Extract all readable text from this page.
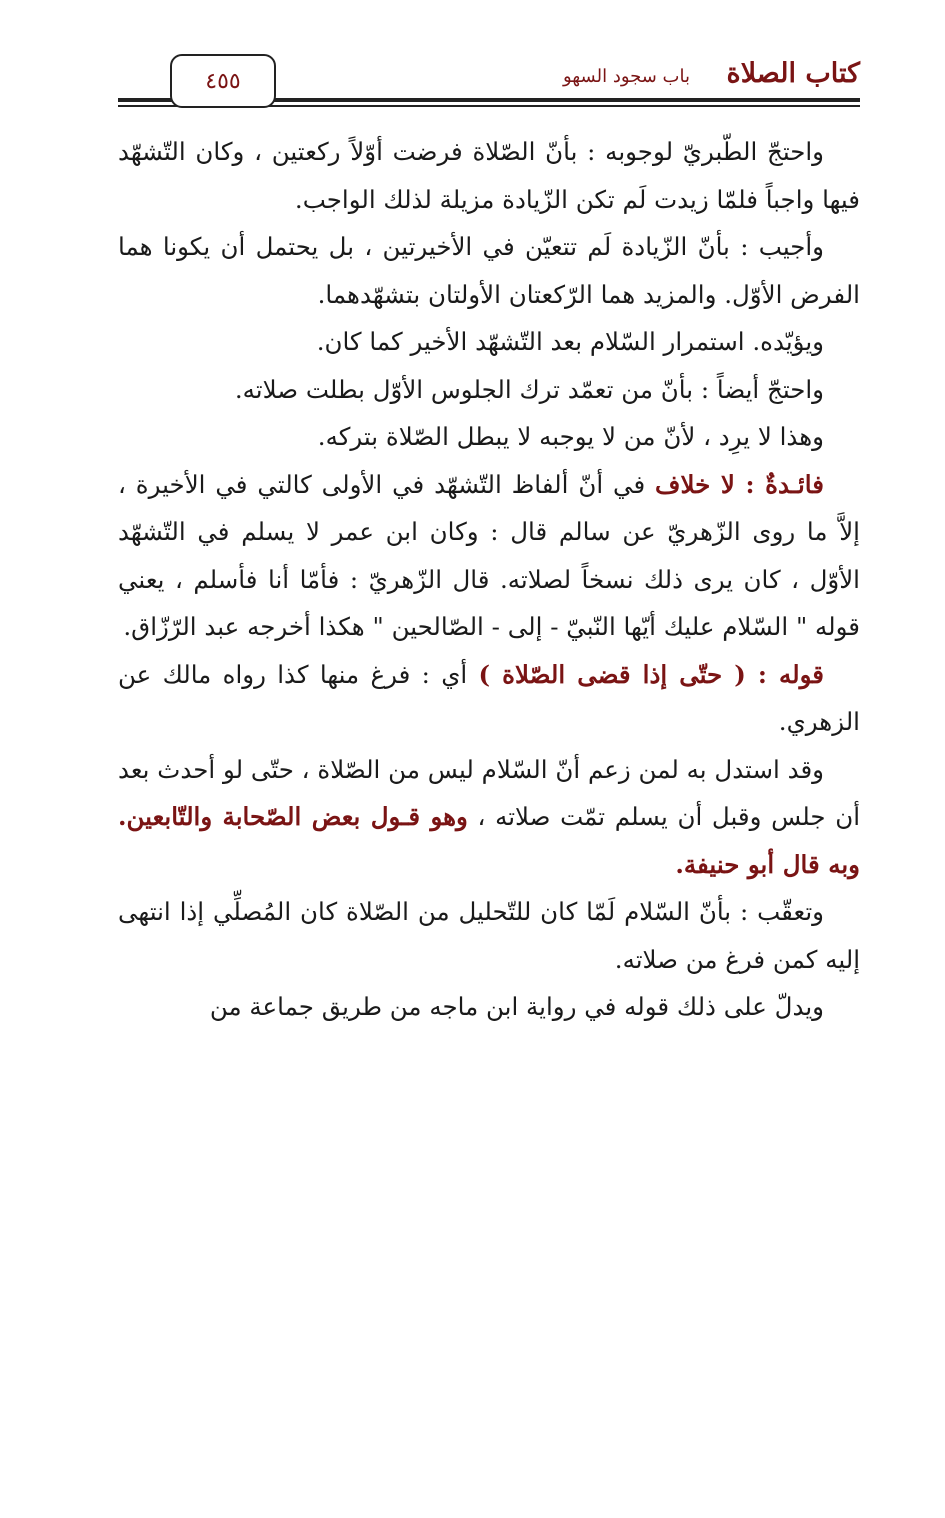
كتاب الصلاة
باب سجود السهو
٤٥٥

واحتجّ الطّبريّ لوجوبه : بأنّ الصّلاة فرضت أوّلاً ركعتين ، وكان التّشهّد فيها واجباً فلمّا زيدت لَم تكن الزّيادة مزيلة لذلك الواجب.

وأجيب : بأنّ الزّيادة لَم تتعيّن في الأخيرتين ، بل يحتمل أن يكونا هما الفرض الأوّل. والمزيد هما الرّكعتان الأولتان بتشهّدهما.

ويؤيّده. استمرار السّلام بعد التّشهّد الأخير كما كان.

واحتجّ أيضاً : بأنّ من تعمّد ترك الجلوس الأوّل بطلت صلاته.

وهذا لا يرِد ، لأنّ من لا يوجبه لا يبطل الصّلاة بتركه.

فائـدةٌ : لا خلاف في أنّ ألفاظ التّشهّد في الأولى كالتي في الأخيرة ، إلاَّ ما روى الزّهريّ عن سالم قال : وكان ابن عمر لا يسلم في التّشهّد الأوّل ، كان يرى ذلك نسخاً لصلاته. قال الزّهريّ : فأمّا أنا فأسلم ، يعني قوله " السّلام عليك أيّها النّبيّ - إلى - الصّالحين " هكذا أخرجه عبد الرّزّاق.

قوله : ( حتّى إذا قضى الصّلاة ) أي : فرغ منها كذا رواه مالك عن الزهري.

وقد استدل به لمن زعم أنّ السّلام ليس من الصّلاة ، حتّى لو أحدث بعد أن جلس وقبل أن يسلم تمّت صلاته ، وهو قـول بعض الصّحابة والتّابعين. وبه قال أبو حنيفة.

وتعقّب : بأنّ السّلام لَمّا كان للتّحليل من الصّلاة كان المُصلِّي إذا انتهى إليه كمن فرغ من صلاته.

ويدلّ على ذلك قوله في رواية ابن ماجه من طريق جماعة من
